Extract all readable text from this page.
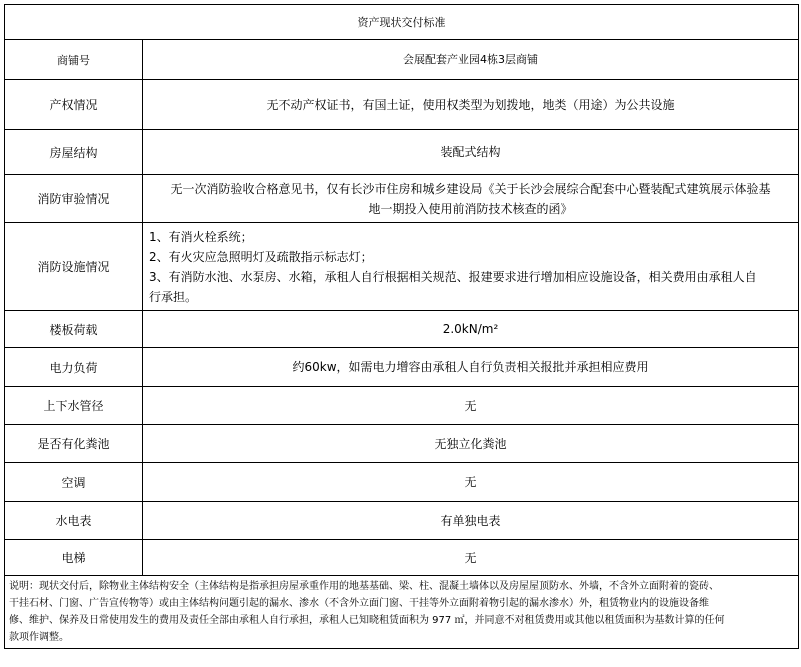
资产现状交付标准	
商铺号	会展配套产业园4栋3层商铺
产权情况	无不动产权证书，有国土证，使用权类型为划拨地，地类（用途）为公共设施
房屋结构	装配式结构
消防审验情况	无一次消防验收合格意见书，仅有长沙市住房和城乡建设局《关于长沙会展综合配套中心暨装配式建筑展示体验基
地一期投入使用前消防技术核查的函》

消防设施情况	1、有消火栓系统；
2、有火灾应急照明灯及疏散指示标志灯；
3、有消防水池、水泵房、水箱，承租人自行根据相关规范、报建要求进行增加相应设施设备，相关费用由承租人自
行承担。

楼板荷载	2.0kN/m²
电力负荷	约60kw，如需电力增容由承租人自行负责相关报批并承担相应费用
上下水管径	无
是否有化粪池	无独立化粪池
空调	无
水电表	有单独电表
电梯	无

说明：现状交付后，除物业主体结构安全（主体结构是指承担房屋承重作用的地基基础、梁、柱、混凝土墙体以及房屋屋顶防水、外墙，不含外立面附着的瓷砖、
干挂石材、门窗、广告宣传物等）或由主体结构问题引起的漏水、渗水（不含外立面门窗、干挂等外立面附着物引起的漏水渗水）外，租赁物业内的设施设备维
修、维护、保养及日常使用发生的费用及责任全部由承租人自行承担，承租人已知晓租赁面积为 977 ㎡，并同意不对租赁费用或其他以租赁面积为基数计算的任何
款项作调整。	
